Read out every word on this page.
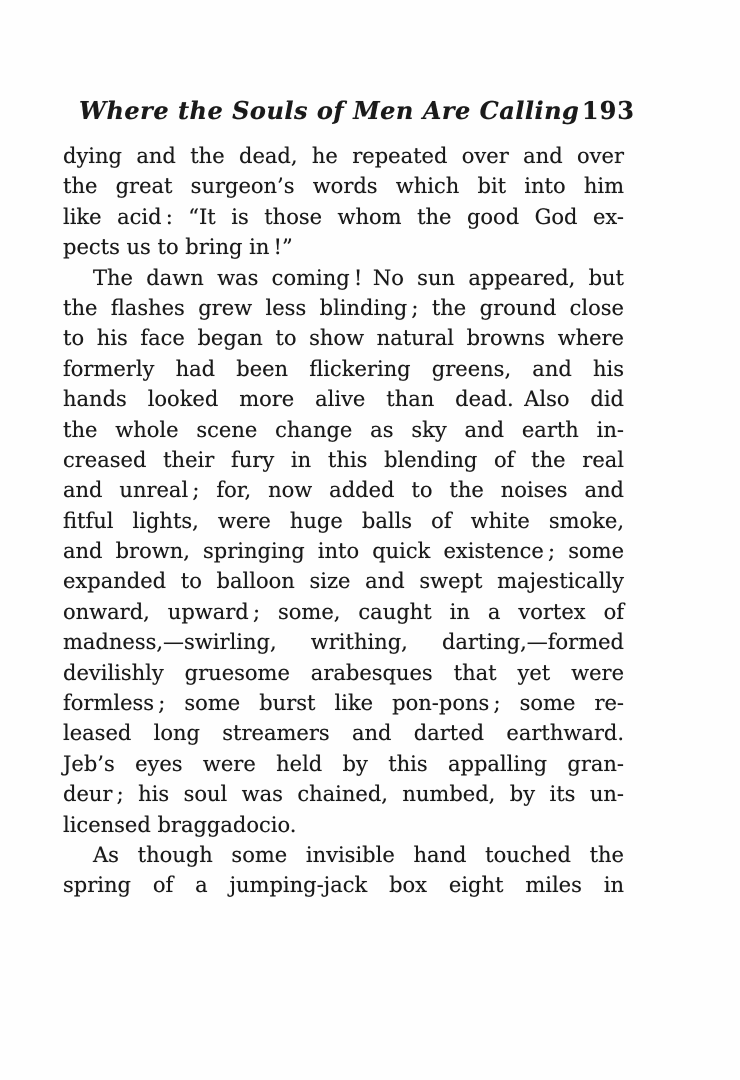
Where the Souls of Men Are Calling 193
dying and the dead, he repeated over and over
the great surgeon’s words which bit into him
like acid : “It is those whom the good God ex-
pects us to bring in !”
The dawn was coming ! No sun appeared, but
the flashes grew less blinding ; the ground close
to his face began to show natural browns where
formerly had been flickering greens, and his
hands looked more alive than dead. Also did
the whole scene change as sky and earth in-
creased their fury in this blending of the real
and unreal ; for, now added to the noises and
fitful lights, were huge balls of white smoke,
and brown, springing into quick existence ; some
expanded to balloon size and swept majestically
onward, upward ; some, caught in a vortex of
madness,—swirling, writhing, darting,—formed
devilishly gruesome arabesques that yet were
formless ; some burst like pon-pons ; some re-
leased long streamers and darted earthward.
Jeb’s eyes were held by this appalling gran-
deur ; his soul was chained, numbed, by its un-
licensed braggadocio.
As though some invisible hand touched the
spring of a jumping-jack box eight miles in
